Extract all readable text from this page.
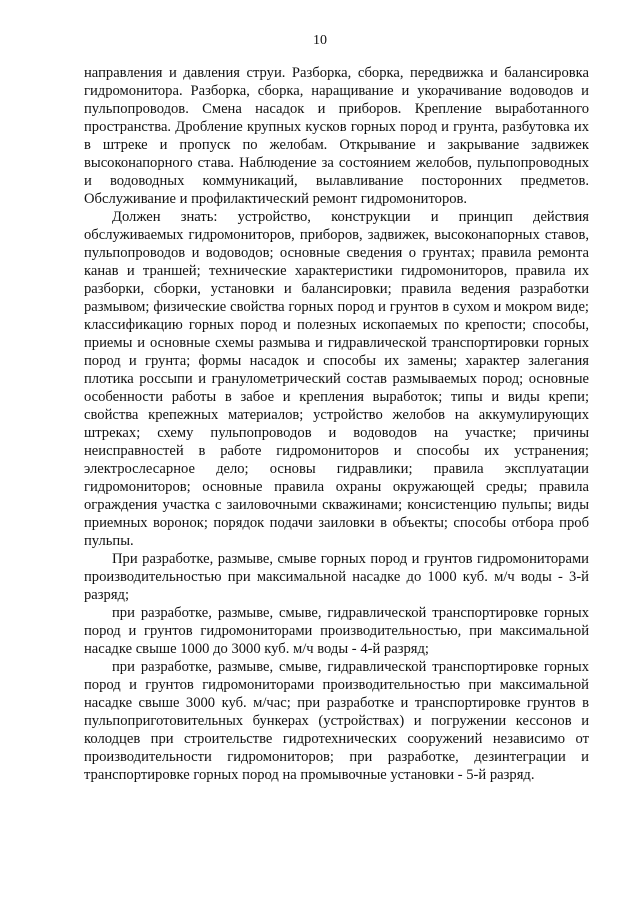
10

направления и давления струи. Разборка, сборка, передвижка и балансировка гидромонитора. Разборка, сборка, наращивание и укорачивание водоводов и пульпопроводов. Смена насадок и приборов. Крепление выработанного пространства. Дробление крупных кусков горных пород и грунта, разбутовка их в штреке и пропуск по желобам. Открывание и закрывание задвижек высоконапорного става. Наблюдение за состоянием желобов, пульпопроводных и водоводных коммуникаций, вылавливание посторонних предметов. Обслуживание и профилактический ремонт гидромониторов.

Должен знать: устройство, конструкции и принцип действия обслуживаемых гидромониторов, приборов, задвижек, высоконапорных ставов, пульпопроводов и водоводов; основные сведения о грунтах; правила ремонта канав и траншей; технические характеристики гидромониторов, правила их разборки, сборки, установки и балансировки; правила ведения разработки размывом; физические свойства горных пород и грунтов в сухом и мокром виде; классификацию горных пород и полезных ископаемых по крепости; способы, приемы и основные схемы размыва и гидравлической транспортировки горных пород и грунта; формы насадок и способы их замены; характер залегания плотика россыпи и гранулометрический состав размываемых пород; основные особенности работы в забое и крепления выработок; типы и виды крепи; свойства крепежных материалов; устройство желобов на аккумулирующих штреках; схему пульпопроводов и водоводов на участке; причины неисправностей в работе гидромониторов и способы их устранения; электрослесарное дело; основы гидравлики; правила эксплуатации гидромониторов; основные правила охраны окружающей среды; правила ограждения участка с заиловочными скважинами; консистенцию пульпы; виды приемных воронок; порядок подачи заиловки в объекты; способы отбора проб пульпы.

При разработке, размыве, смыве горных пород и грунтов гидромониторами производительностью при максимальной насадке до 1000 куб. м/ч воды - 3-й разряд;

при разработке, размыве, смыве, гидравлической транспортировке горных пород и грунтов гидромониторами производительностью, при максимальной насадке свыше 1000 до 3000 куб. м/ч воды - 4-й разряд;

при разработке, размыве, смыве, гидравлической транспортировке горных пород и грунтов гидромониторами производительностью при максимальной насадке свыше 3000 куб. м/час; при разработке и транспортировке грунтов в пульпоприготовительных бункерах (устройствах) и погружении кессонов и колодцев при строительстве гидротехнических сооружений независимо от производительности гидромониторов; при разработке, дезинтеграции и транспортировке горных пород на промывочные установки - 5-й разряд.
